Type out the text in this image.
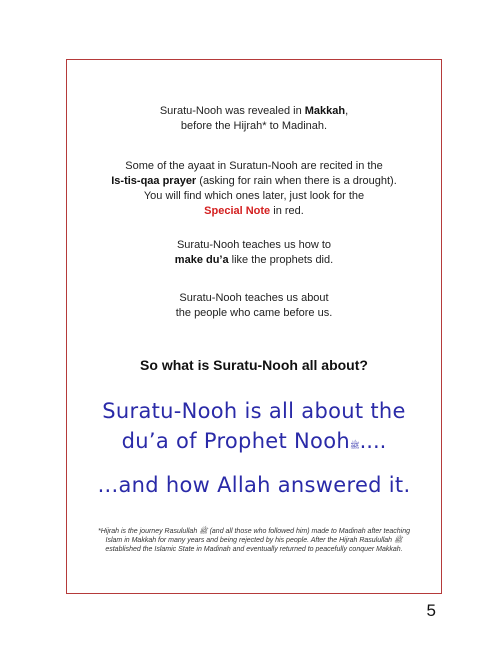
Suratu-Nooh was revealed in Makkah,
before the Hijrah* to Madinah.
Some of the ayaat in Suratun-Nooh are recited in the
Is-tis-qaa prayer (asking for rain when there is a drought).
You will find which ones later, just look for the
Special Note in red.
Suratu-Nooh teaches us how to
make du’a like the prophets did.
Suratu-Nooh teaches us about
the people who came before us.
So what is Suratu-Nooh all about?
Suratu-Nooh is all about the
du’a of Prophet Noohﷺ....
...and how Allah answered it.
*Hijrah is the journey Rasulullah ﷺ (and all those who followed him) made to Madinah after teaching Islam in Makkah for many years and being rejected by his people. After the Hijrah Rasulullah ﷺ established the Islamic State in Madinah and eventually returned to peacefully conquer Makkah.
5
